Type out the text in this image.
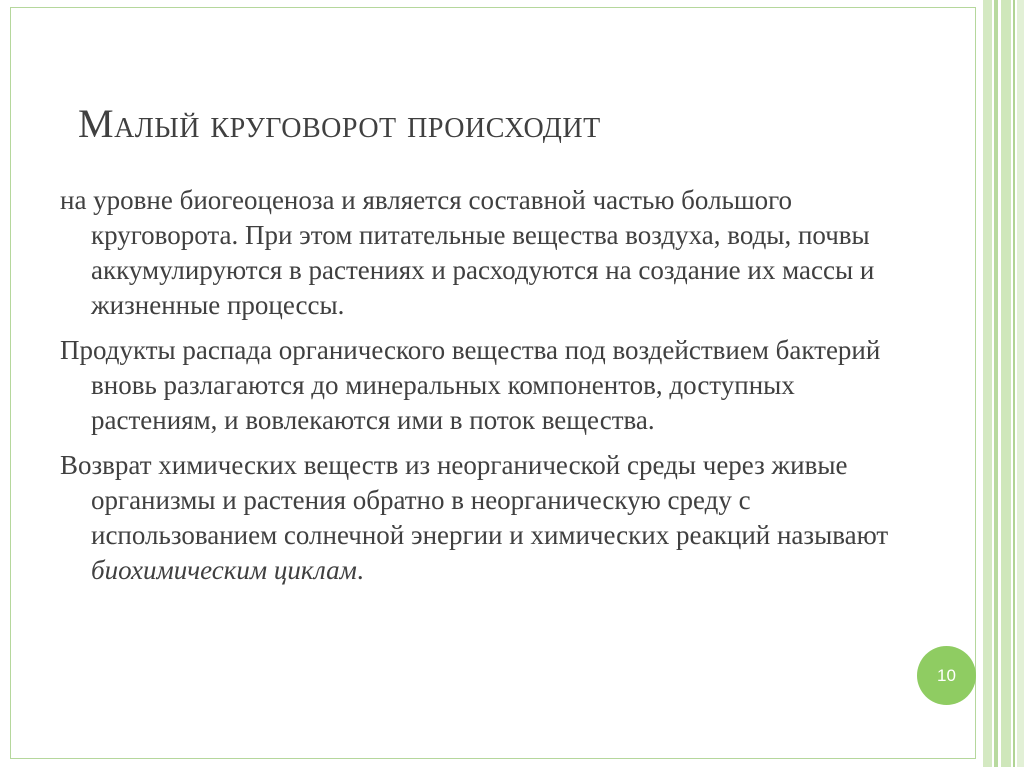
Малый круговорот происходит

на уровне биогеоценоза и является составной частью большого круговорота. При этом питательные вещества воздуха, воды, почвы аккумулируются в растениях и расходуются на создание их массы и жизненные процессы.

Продукты распада органического вещества под воздействием бактерий вновь разлагаются до минеральных компонентов, доступных растениям, и вовлекаются ими в поток вещества.

Возврат химических веществ из неорганической среды через живые организмы и растения обратно в неорганическую среду с использованием солнечной энергии и химических реакций называют биохимическим циклам.

10
